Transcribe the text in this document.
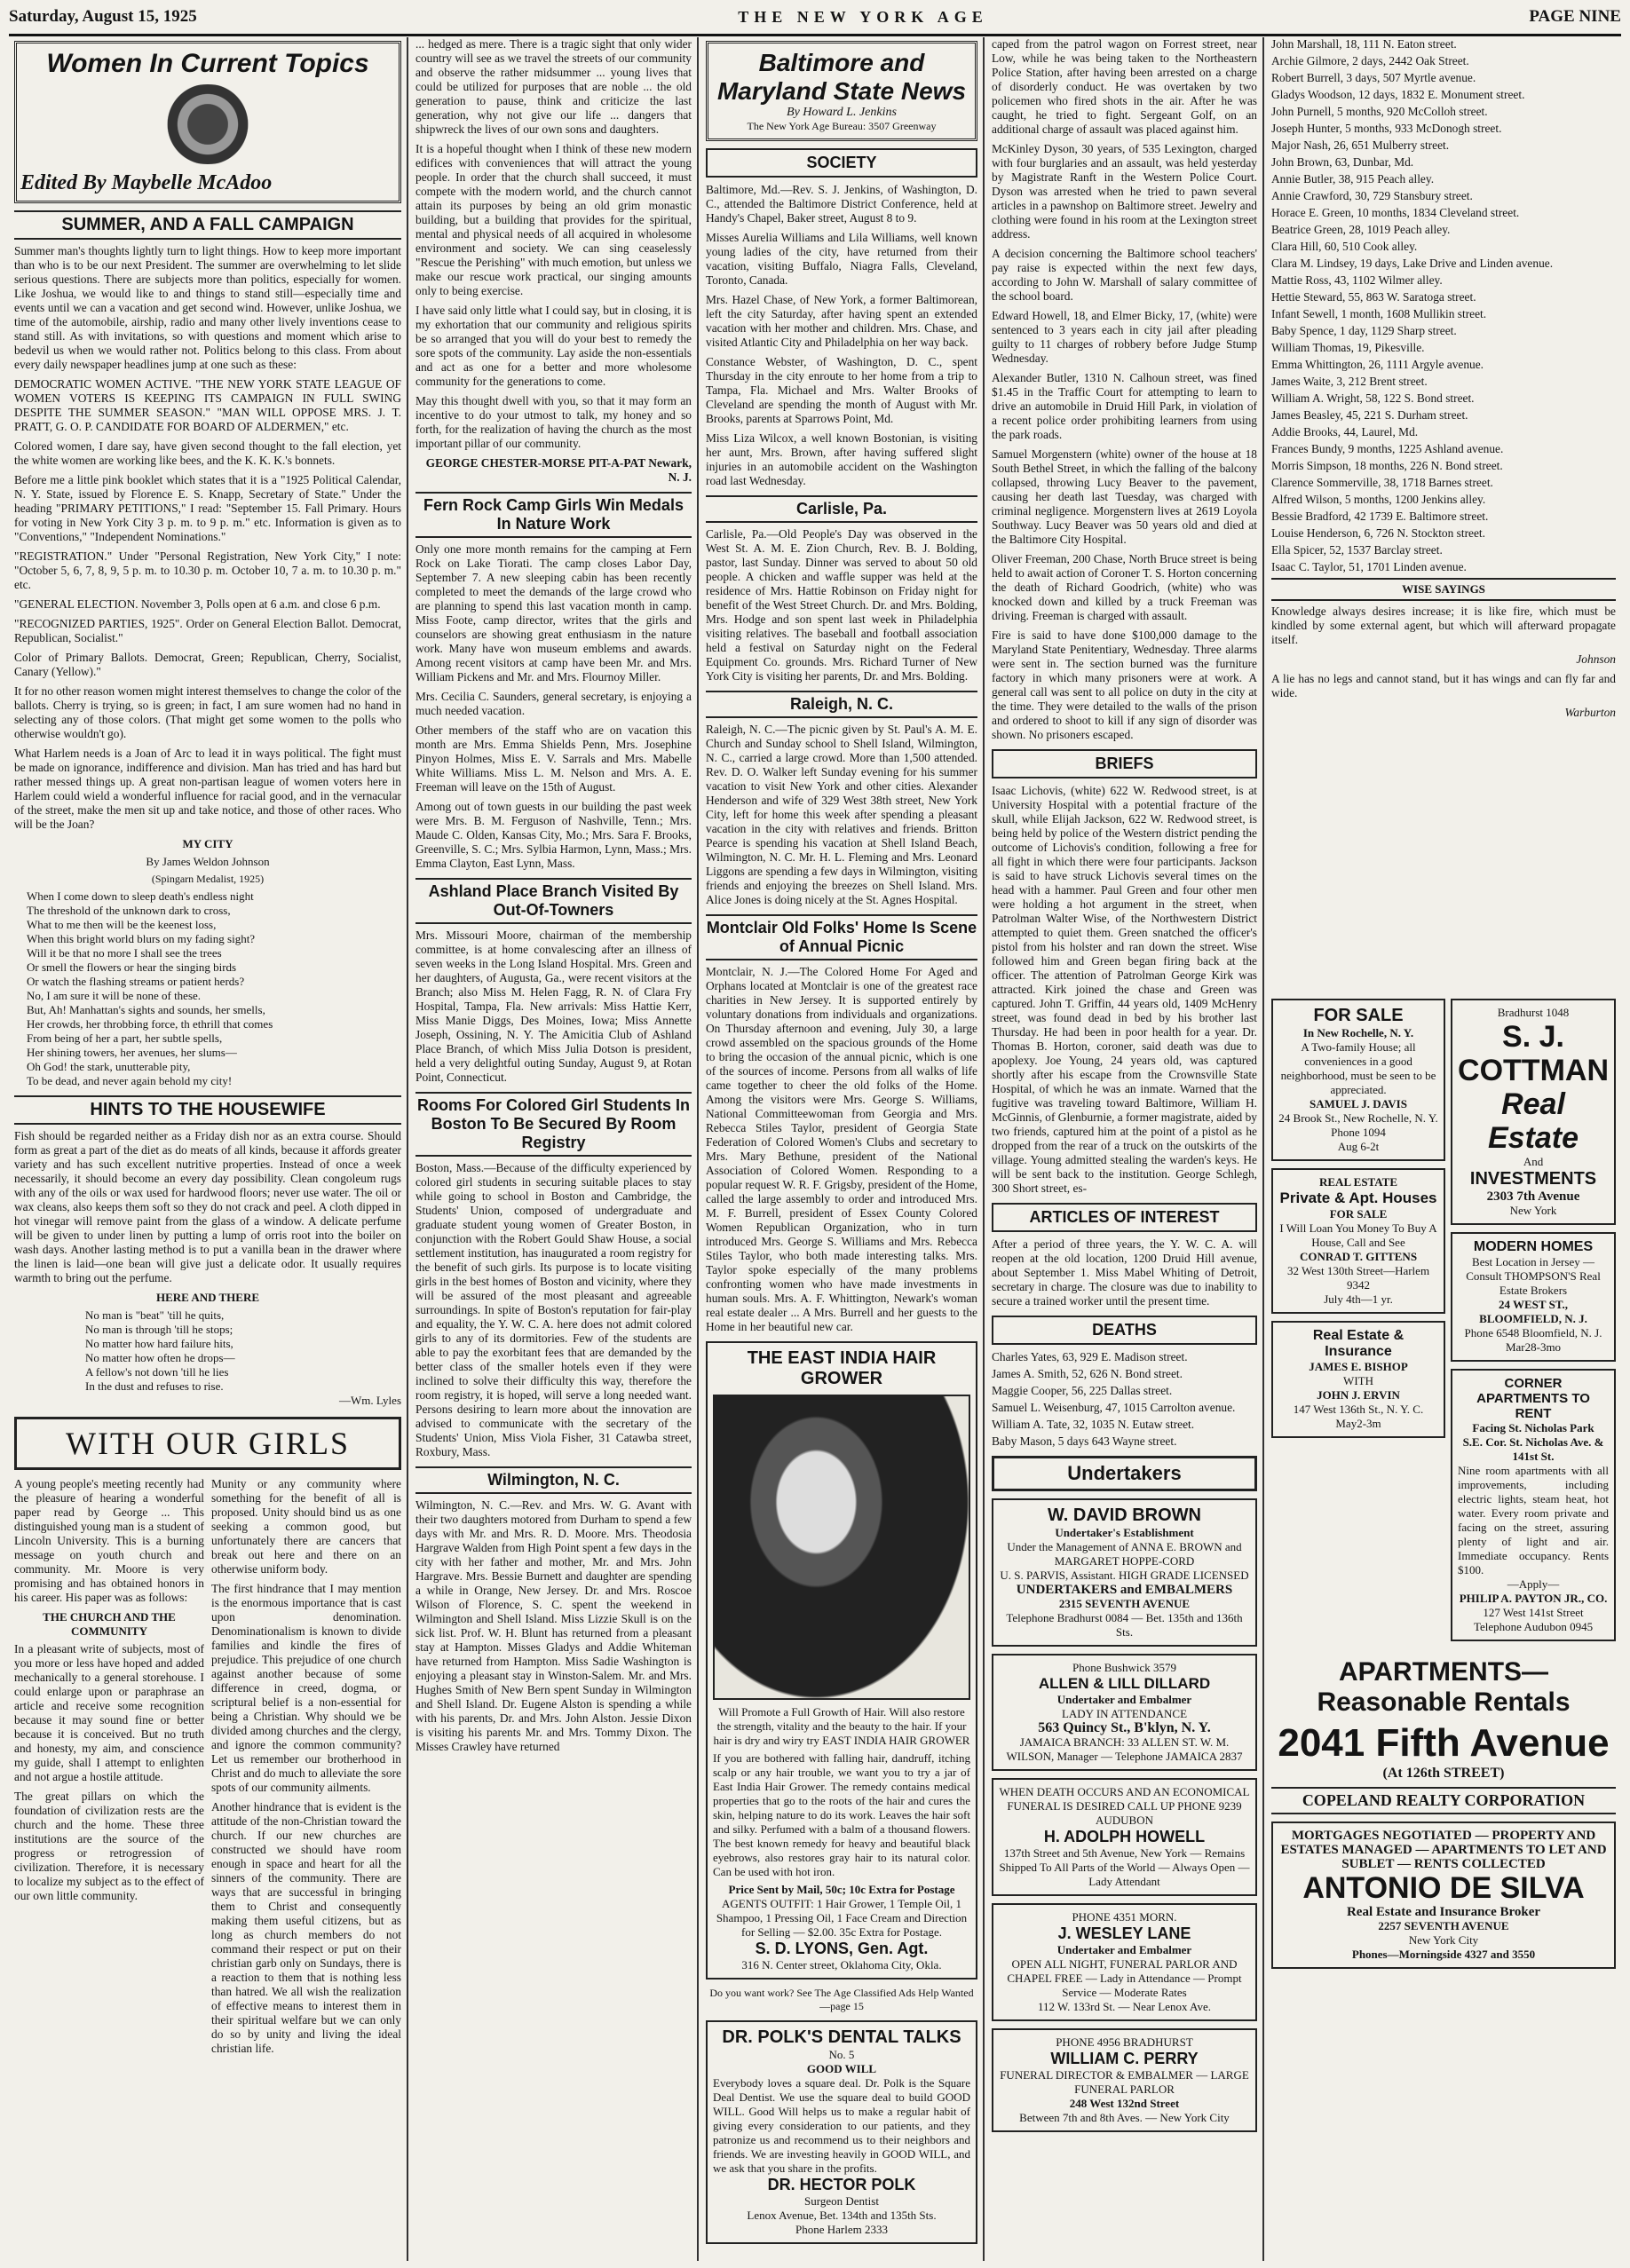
Saturday, August 15, 1925	THE NEW YORK AGE	PAGE NINE
Women In Current Topics
Edited By Maybelle McAdoo
SUMMER, AND A FALL CAMPAIGN

Summer man's thoughts lightly turn to light things. How to keep more important than who is to be our next President. The summer are overwhelming to let slide serious questions. There are subjects more than politics, especially for women. Like Joshua, we would like to and things to stand still—especially time and events until we can a vacation and get second wind. However, unlike Joshua, we time of the automobile, airship, radio and many other lively inventions cease to stand still. As with invitations, so with questions and moment which arise to bedevil us when we would rather not. Politics belong to this class. From about every daily newspaper headlines jump at one such as these:

DEMOCRATIC WOMEN ACTIVE. "THE NEW YORK STATE LEAGUE OF WOMEN VOTERS IS KEEPING ITS CAMPAIGN IN FULL SWING DESPITE THE SUMMER SEASON." "MAN WILL OPPOSE MRS. J. T. PRATT, G. O. P. CANDIDATE FOR BOARD OF ALDERMEN," etc.

Colored women, I dare say, have given second thought to the fall election, yet the white women are working like bees, and the K. K. K.'s bonnets.

Before me a little pink booklet which states that it is a "1925 Political Calendar, N. Y. State, issued by Florence E. S. Knapp, Secretary of State." Under the heading "PRIMARY PETITIONS," I read: "September 15. Fall Primary. Hours for voting in New York City 3 p. m. to 9 p. m." etc. Information is given as to "Conventions," "Independent Nominations."

"REGISTRATION." Under "Personal Registration, New York City," I note: "October 5, 6, 7, 8, 9, 5 p. m. to 10.30 p. m. October 10, 7 a. m. to 10.30 p. m." etc.

"GENERAL ELECTION. November 3, Polls open at 6 a.m. and close 6 p.m.

"RECOGNIZED PARTIES, 1925". Order on General Election Ballot. Democrat, Republican, Socialist."

Color of Primary Ballots. Democrat, Green; Republican, Cherry, Socialist, Canary (Yellow)."

It for no other reason women might interest themselves to change the color of the ballots. Cherry is trying, so is green; in fact, I am sure women had no hand in selecting any of those colors. (That might get some women to the polls who otherwise wouldn't go).

What Harlem needs is a Joan of Arc to lead it in ways political. The fight must be made on ignorance, indifference and division. Man has tried and has hard but rather messed things up. A great non-partisan league of women voters here in Harlem could wield a wonderful influence for racial good, and in the vernacular of the street, make the men sit up and take notice, and those of other races. Who will be the Joan?

MY CITY
By James Weldon Johnson
(Spingarn Medalist, 1925)
When I come down to sleep death's endless night
The threshold of the unknown dark to cross,
What to me then will be the keenest loss,
When this bright world blurs on my fading sight?
Will it be that no more I shall see the trees
Or smell the flowers or hear the singing birds
Or watch the flashing streams or patient herds?
No, I am sure it will be none of these.
But, Ah! Manhattan's sights and sounds, her smells,
Her crowds, her throbbing force, th ethrill that comes
From being of her a part, her subtle spells,
Her shining towers, her avenues, her slums—
Oh God! the stark, unutterable pity,
To be dead, and never again behold my city!
HINTS TO THE HOUSEWIFE

Fish should be regarded neither as a Friday dish nor as an extra course. Should form as great a part of the diet as do meats of all kinds, because it affords greater variety and has such excellent nutritive properties. Instead of once a week necessarily, it should become an every day possibility. Clean congoleum rugs with any of the oils or wax used for hardwood floors; never use water. The oil or wax cleans, also keeps them soft so they do not crack and peel. A cloth dipped in hot vinegar will remove paint from the glass of a window. A delicate perfume will be given to under linen by putting a lump of orris root into the boiler on wash days. Another lasting method is to put a vanilla bean in the drawer where the linen is laid—one bean will give just a delicate odor. It usually requires warmth to bring out the perfume.

HERE AND THERE
No man is "beat" 'till he quits,
No man is through 'till he stops;
No matter how hard failure hits,
No matter how often he drops—
A fellow's not down 'till he lies
In the dust and refuses to rise.
—Wm. Lyles
WITH OUR GIRLS

A young people's meeting recently had the pleasure of hearing a wonderful paper read by George ... This distinguished young man is a student of Lincoln University. This is a burning message on youth church and community. Mr. Moore is very promising and has obtained honors in his career. His paper was as follows:

THE CHURCH AND THE COMMUNITY

In a pleasant write of subjects, most of you more or less have hoped and added mechanically to a general storehouse. I could enlarge upon or paraphrase an article and receive some recognition because it may sound fine or better because it is conceived. But no truth and honesty, my aim, and conscience my guide, shall I attempt to enlighten and not argue a hostile attitude.

The great pillars on which the foundation of civilization rests are the church and the home. These three institutions are the source of the progress or retrogression of civilization. Therefore, it is necessary to localize my subject as to the effect of our own little community.

Munity or any community where something for the benefit of all is proposed. Unity should bind us as one seeking a common good, but unfortunately there are cancers that break out here and there on an otherwise uniform body.

The first hindrance that I may mention is the enormous importance that is cast upon denomination. Denominationalism is known to divide families and kindle the fires of prejudice. This prejudice of one church against another because of some difference in creed, dogma, or scriptural belief is a non-essential for being a Christian. Why should we be divided among churches and the clergy, and ignore the common community? Let us remember our brotherhood in Christ and do much to alleviate the sore spots of our community ailments.

Another hindrance that is evident is the attitude of the non-Christian toward the church. If our new churches are constructed we should have room enough in space and heart for all the sinners of the community. There are ways that are successful in bringing them to Christ and consequently making them useful citizens, but as long as church members do not command their respect or put on their christian garb only on Sundays, there is a reaction to them that is nothing less than hatred. We all wish the realization of effective means to interest them in their spiritual welfare but we can only do so by unity and living the ideal christian life.

... hedged as mere. There is a tragic sight that only wider country will see as we travel the streets of our community and observe the rather midsummer ... young lives that could be utilized for purposes that are noble ... the old generation to pause, think and criticize the last generation, why not give our life ... dangers that shipwreck the lives of our own sons and daughters.

It is a hopeful thought when I think of these new modern edifices with conveniences that will attract the young people. In order that the church shall succeed, it must compete with the modern world, and the church cannot attain its purposes by being an old grim monastic building, but a building that provides for the spiritual, mental and physical needs of all acquired in wholesome environment and society. We can sing ceaselessly "Rescue the Perishing" with much emotion, but unless we make our rescue work practical, our singing amounts only to being exercise.

I have said only little what I could say, but in closing, it is my exhortation that our community and religious spirits be so arranged that you will do your best to remedy the sore spots of the community. Lay aside the non-essentials and act as one for a better and more wholesome community for the generations to come.

May this thought dwell with you, so that it may form an incentive to do your utmost to talk, my honey and so forth, for the realization of having the church as the most important pillar of our community.

GEORGE CHESTER-MORSE PIT-A-PAT Newark, N. J.

Fern Rock Camp Girls Win Medals In Nature Work

Only one more month remains for the camping at Fern Rock on Lake Tiorati. The camp closes Labor Day, September 7. A new sleeping cabin has been recently completed to meet the demands of the large crowd who are planning to spend this last vacation month in camp. Miss Foote, camp director, writes that the girls and counselors are showing great enthusiasm in the nature work. Many have won museum emblems and awards. Among recent visitors at camp have been Mr. and Mrs. William Pickens and Mr. and Mrs. Flournoy Miller.

Mrs. Cecilia C. Saunders, general secretary, is enjoying a much needed vacation.

Other members of the staff who are on vacation this month are Mrs. Emma Shields Penn, Mrs. Josephine Pinyon Holmes, Miss E. V. Sarrals and Mrs. Mabelle White Williams. Miss L. M. Nelson and Mrs. A. E. Freeman will leave on the 15th of August.

Among out of town guests in our building the past week were Mrs. B. M. Ferguson of Nashville, Tenn.; Mrs. Maude C. Olden, Kansas City, Mo.; Mrs. Sara F. Brooks, Greenville, S. C.; Mrs. Sylbia Harmon, Lynn, Mass.; Mrs. Emma Clayton, East Lynn, Mass.

Ashland Place Branch Visited By Out-Of-Towners

Mrs. Missouri Moore, chairman of the membership committee, is at home convalescing after an illness of seven weeks in the Long Island Hospital. Mrs. Green and her daughters, of Augusta, Ga., were recent visitors at the Branch; also Miss M. Helen Fagg, R. N. of Clara Fry Hospital, Tampa, Fla. New arrivals: Miss Hattie Kerr, Miss Manie Diggs, Des Moines, Iowa; Miss Annette Joseph, Ossining, N. Y. The Amicitia Club of Ashland Place Branch, of which Miss Julia Dotson is president, held a very delightful outing Sunday, August 9, at Rotan Point, Connecticut.

Rooms For Colored Girl Students In Boston To Be Secured By Room Registry

Boston, Mass.—Because of the difficulty experienced by colored girl students in securing suitable places to stay while going to school in Boston and Cambridge, the Students' Union, composed of undergraduate and graduate student young women of Greater Boston, in conjunction with the Robert Gould Shaw House, a social settlement institution, has inaugurated a room registry for the benefit of such girls. Its purpose is to locate visiting girls in the best homes of Boston and vicinity, where they will be assured of the most pleasant and agreeable surroundings. In spite of Boston's reputation for fair-play and equality, the Y. W. C. A. here does not admit colored girls to any of its dormitories. Few of the students are able to pay the exorbitant fees that are demanded by the better class of the smaller hotels even if they were inclined to solve their difficulty this way, therefore the room registry, it is hoped, will serve a long needed want. Persons desiring to learn more about the innovation are advised to communicate with the secretary of the Students' Union, Miss Viola Fisher, 31 Catawba street, Roxbury, Mass.

Wilmington, N. C.

Wilmington, N. C.—Rev. and Mrs. W. G. Avant with their two daughters motored from Durham to spend a few days with Mr. and Mrs. R. D. Moore. Mrs. Theodosia Hargrave Walden from High Point spent a few days in the city with her father and mother, Mr. and Mrs. John Hargrave. Mrs. Bessie Burnett and daughter are spending a while in Orange, New Jersey. Dr. and Mrs. Roscoe Wilson of Florence, S. C. spent the weekend in Wilmington and Shell Island. Miss Lizzie Skull is on the sick list. Prof. W. H. Blunt has returned from a pleasant stay at Hampton. Misses Gladys and Addie Whiteman have returned from Hampton. Miss Sadie Washington is enjoying a pleasant stay in Winston-Salem. Mr. and Mrs. Hughes Smith of New Bern spent Sunday in Wilmington and Shell Island. Dr. Eugene Alston is spending a while with his parents, Dr. and Mrs. John Alston. Jessie Dixon is visiting his parents Mr. and Mrs. Tommy Dixon. The Misses Crawley have returned

Baltimore and Maryland State News
By Howard L. Jenkins
The New York Age Bureau: 3507 Greenway
SOCIETY

Baltimore, Md.—Rev. S. J. Jenkins, of Washington, D. C., attended the Baltimore District Conference, held at Handy's Chapel, Baker street, August 8 to 9.

Misses Aurelia Williams and Lila Williams, well known young ladies of the city, have returned from their vacation, visiting Buffalo, Niagra Falls, Cleveland, Toronto, Canada.

Mrs. Hazel Chase, of New York, a former Baltimorean, left the city Saturday, after having spent an extended vacation with her mother and children. Mrs. Chase, and visited Atlantic City and Philadelphia on her way back.

Constance Webster, of Washington, D. C., spent Thursday in the city enroute to her home from a trip to Tampa, Fla. Michael and Mrs. Walter Brooks of Cleveland are spending the month of August with Mr. Brooks, parents at Sparrows Point, Md.

Miss Liza Wilcox, a well known Bostonian, is visiting her aunt, Mrs. Brown, after having suffered slight injuries in an automobile accident on the Washington road last Wednesday.

Carlisle, Pa.

Carlisle, Pa.—Old People's Day was observed in the West St. A. M. E. Zion Church, Rev. B. J. Bolding, pastor, last Sunday. Dinner was served to about 50 old people. A chicken and waffle supper was held at the residence of Mrs. Hattie Robinson on Friday night for benefit of the West Street Church. Dr. and Mrs. Bolding, Mrs. Hodge and son spent last week in Philadelphia visiting relatives. The baseball and football association held a festival on Saturday night on the Federal Equipment Co. grounds. Mrs. Richard Turner of New York City is visiting her parents, Dr. and Mrs. Bolding.

Raleigh, N. C.

Raleigh, N. C.—The picnic given by St. Paul's A. M. E. Church and Sunday school to Shell Island, Wilmington, N. C., carried a large crowd. More than 1,500 attended. Rev. D. O. Walker left Sunday evening for his summer vacation to visit New York and other cities. Alexander Henderson and wife of 329 West 38th street, New York City, left for home this week after spending a pleasant vacation in the city with relatives and friends. Britton Pearce is spending his vacation at Shell Island Beach, Wilmington, N. C. Mr. H. L. Fleming and Mrs. Leonard Liggons are spending a few days in Wilmington, visiting friends and enjoying the breezes on Shell Island. Mrs. Alice Jones is doing nicely at the St. Agnes Hospital.

Montclair Old Folks' Home Is Scene of Annual Picnic

Montclair, N. J.—The Colored Home For Aged and Orphans located at Montclair is one of the greatest race charities in New Jersey. It is supported entirely by voluntary donations from individuals and organizations. On Thursday afternoon and evening, July 30, a large crowd assembled on the spacious grounds of the Home to bring the occasion of the annual picnic, which is one of the sources of income. Persons from all walks of life came together to cheer the old folks of the Home. Among the visitors were Mrs. George S. Williams, National Committeewoman from Georgia and Mrs. Rebecca Stiles Taylor, president of Georgia State Federation of Colored Women's Clubs and secretary to Mrs. Mary Bethune, president of the National Association of Colored Women. Responding to a popular request W. R. F. Grigsby, president of the Home, called the large assembly to order and introduced Mrs. M. F. Burrell, president of Essex County Colored Women Republican Organization, who in turn introduced Mrs. George S. Williams and Mrs. Rebecca Stiles Taylor, who both made interesting talks. Mrs. Taylor spoke especially of the many problems confronting women who have made investments in human souls. Mrs. A. F. Whittington, Newark's woman real estate dealer ... A Mrs. Burrell and her guests to the Home in her beautiful new car.

THE EAST INDIA HAIR GROWER
Will Promote a Full Growth of Hair. Will also restore the strength, vitality and the beauty to the hair. If your hair is dry and wiry try EAST INDIA HAIR GROWER
If you are bothered with falling hair, dandruff, itching scalp or any hair trouble, we want you to try a jar of East India Hair Grower. The remedy contains medical properties that go to the roots of the hair and cures the skin, helping nature to do its work. Leaves the hair soft and silky. Perfumed with a balm of a thousand flowers. The best known remedy for heavy and beautiful black eyebrows, also restores gray hair to its natural color. Can be used with hot iron.
Price Sent by Mail, 50c; 10c Extra for Postage
AGENTS OUTFIT: 1 Hair Grower, 1 Temple Oil, 1 Shampoo, 1 Pressing Oil, 1 Face Cream and Direction for Selling — $2.00. 35c Extra for Postage.
S. D. LYONS, Gen. Agt.
316 N. Center street, Oklahoma City, Okla.
Do you want work? See The Age Classified Ads Help Wanted—page 15
DR. POLK'S DENTAL TALKS
No. 5
GOOD WILL
Everybody loves a square deal. Dr. Polk is the Square Deal Dentist. We use the square deal to build GOOD WILL. Good Will helps us to make a regular habit of giving every consideration to our patients, and they patronize us and recommend us to their neighbors and friends. We are investing heavily in GOOD WILL, and we ask that you share in the profits.
DR. HECTOR POLK
Surgeon Dentist
Lenox Avenue, Bet. 134th and 135th Sts.
Phone Harlem 2333

caped from the patrol wagon on Forrest street, near Low, while he was being taken to the Northeastern Police Station, after having been arrested on a charge of disorderly conduct. He was overtaken by two policemen who fired shots in the air. After he was caught, he tried to fight. Sergeant Golf, on an additional charge of assault was placed against him.

McKinley Dyson, 30 years, of 535 Lexington, charged with four burglaries and an assault, was held yesterday by Magistrate Ranft in the Western Police Court. Dyson was arrested when he tried to pawn several articles in a pawnshop on Baltimore street. Jewelry and clothing were found in his room at the Lexington street address.

A decision concerning the Baltimore school teachers' pay raise is expected within the next few days, according to John W. Marshall of salary committee of the school board.

Edward Howell, 18, and Elmer Bicky, 17, (white) were sentenced to 3 years each in city jail after pleading guilty to 11 charges of robbery before Judge Stump Wednesday.

Alexander Butler, 1310 N. Calhoun street, was fined $1.45 in the Traffic Court for attempting to learn to drive an automobile in Druid Hill Park, in violation of a recent police order prohibiting learners from using the park roads.

Samuel Morgenstern (white) owner of the house at 18 South Bethel Street, in which the falling of the balcony collapsed, throwing Lucy Beaver to the pavement, causing her death last Tuesday, was charged with criminal negligence. Morgenstern lives at 2619 Loyola Southway. Lucy Beaver was 50 years old and died at the Baltimore City Hospital.

Oliver Freeman, 200 Chase, North Bruce street is being held to await action of Coroner T. S. Horton concerning the death of Richard Goodrich, (white) who was knocked down and killed by a truck Freeman was driving. Freeman is charged with assault.

Fire is said to have done $100,000 damage to the Maryland State Penitentiary, Wednesday. Three alarms were sent in. The section burned was the furniture factory in which many prisoners were at work. A general call was sent to all police on duty in the city at the time. They were detailed to the walls of the prison and ordered to shoot to kill if any sign of disorder was shown. No prisoners escaped.

BRIEFS

Isaac Lichovis, (white) 622 W. Redwood street, is at University Hospital with a potential fracture of the skull, while Elijah Jackson, 622 W. Redwood street, is being held by police of the Western district pending the outcome of Lichovis's condition, following a free for all fight in which there were four participants. Jackson is said to have struck Lichovis several times on the head with a hammer. Paul Green and four other men were holding a hot argument in the street, when Patrolman Walter Wise, of the Northwestern District attempted to quiet them. Green snatched the officer's pistol from his holster and ran down the street. Wise followed him and Green began firing back at the officer. The attention of Patrolman George Kirk was attracted. Kirk joined the chase and Green was captured. John T. Griffin, 44 years old, 1409 McHenry street, was found dead in bed by his brother last Thursday. He had been in poor health for a year. Dr. Thomas B. Horton, coroner, said death was due to apoplexy. Joe Young, 24 years old, was captured shortly after his escape from the Crownsville State Hospital, of which he was an inmate. Warned that the fugitive was traveling toward Baltimore, William H. McGinnis, of Glenburnie, a former magistrate, aided by two friends, captured him at the point of a pistol as he dropped from the rear of a truck on the outskirts of the village. Young admitted stealing the warden's keys. He will be sent back to the institution. George Schlegh, 300 Short street, es-

ARTICLES OF INTEREST

After a period of three years, the Y. W. C. A. will reopen at the old location, 1200 Druid Hill avenue, about September 1. Miss Mabel Whiting of Detroit, secretary in charge. The closure was due to inability to secure a trained worker until the present time.

DEATHS

Charles Yates, 63, 929 E. Madison street.

James A. Smith, 52, 626 N. Bond street.

Maggie Cooper, 56, 225 Dallas street.

Samuel L. Weisenburg, 47, 1015 Carrolton avenue.

William A. Tate, 32, 1035 N. Eutaw street.

Baby Mason, 5 days 643 Wayne street.

Undertakers
W. DAVID BROWN
Undertaker's Establishment
Under the Management of ANNA E. BROWN and MARGARET HOPPE-CORD
U. S. PARVIS, Assistant. HIGH GRADE LICENSED
UNDERTAKERS and EMBALMERS
2315 SEVENTH AVENUE
Telephone Bradhurst 0084 — Bet. 135th and 136th Sts.
Phone Bushwick 3579
ALLEN & LILL DILLARD
Undertaker and Embalmer
LADY IN ATTENDANCE
563 Quincy St., B'klyn, N. Y.
JAMAICA BRANCH: 33 ALLEN ST. W. M. WILSON, Manager — Telephone JAMAICA 2837
WHEN DEATH OCCURS AND AN ECONOMICAL FUNERAL IS DESIRED CALL UP PHONE 9239 AUDUBON
H. ADOLPH HOWELL
137th Street and 5th Avenue, New York — Remains Shipped To All Parts of the World — Always Open — Lady Attendant
PHONE 4351 MORN.
J. WESLEY LANE
Undertaker and Embalmer
OPEN ALL NIGHT, FUNERAL PARLOR AND CHAPEL FREE — Lady in Attendance — Prompt Service — Moderate Rates
112 W. 133rd St. — Near Lenox Ave.
PHONE 4956 BRADHURST
WILLIAM C. PERRY
FUNERAL DIRECTOR & EMBALMER — LARGE FUNERAL PARLOR
248 West 132nd Street
Between 7th and 8th Aves. — New York City

John Marshall, 18, 111 N. Eaton street.

Archie Gilmore, 2 days, 2442 Oak Street.

Robert Burrell, 3 days, 507 Myrtle avenue.

Gladys Woodson, 12 days, 1832 E. Monument street.

John Purnell, 5 months, 920 McColloh street.

Joseph Hunter, 5 months, 933 McDonogh street.

Major Nash, 26, 651 Mulberry street.

John Brown, 63, Dunbar, Md.

Annie Butler, 38, 915 Peach alley.

Annie Crawford, 30, 729 Stansbury street.

Horace E. Green, 10 months, 1834 Cleveland street.

Beatrice Green, 28, 1019 Peach alley.

Clara Hill, 60, 510 Cook alley.

Clara M. Lindsey, 19 days, Lake Drive and Linden avenue.

Mattie Ross, 43, 1102 Wilmer alley.

Hettie Steward, 55, 863 W. Saratoga street.

Infant Sewell, 1 month, 1608 Mullikin street.

Baby Spence, 1 day, 1129 Sharp street.

William Thomas, 19, Pikesville.

Emma Whittington, 26, 1111 Argyle avenue.

James Waite, 3, 212 Brent street.

William A. Wright, 58, 122 S. Bond street.

James Beasley, 45, 221 S. Durham street.

Addie Brooks, 44, Laurel, Md.

Frances Bundy, 9 months, 1225 Ashland avenue.

Morris Simpson, 18 months, 226 N. Bond street.

Clarence Sommerville, 38, 1718 Barnes street.

Alfred Wilson, 5 months, 1200 Jenkins alley.

Bessie Bradford, 42 1739 E. Baltimore street.

Louise Henderson, 6, 726 N. Stockton street.

Ella Spicer, 52, 1537 Barclay street.

Isaac C. Taylor, 51, 1701 Linden avenue.

WISE SAYINGS

Knowledge always desires increase; it is like fire, which must be kindled by some external agent, but which will afterward propagate itself.

Johnson

A lie has no legs and cannot stand, but it has wings and can fly far and wide.

Warburton

FOR SALE
In New Rochelle, N. Y.
A Two-family House; all conveniences in a good neighborhood, must be seen to be appreciated.
SAMUEL J. DAVIS
24 Brook St., New Rochelle, N. Y.
Phone 1094
Aug 6-2t
REAL ESTATE
Private & Apt. Houses
FOR SALE
I Will Loan You Money To Buy A House, Call and See
CONRAD T. GITTENS
32 West 130th Street—Harlem 9342
July 4th—1 yr.
Real Estate & Insurance
JAMES E. BISHOP
WITH
JOHN J. ERVIN
147 West 136th St., N. Y. C.
May2-3m
Bradhurst 1048
S. J. COTTMAN
Real Estate
And
INVESTMENTS
2303 7th Avenue
New York
MODERN HOMES
Best Location in Jersey — Consult THOMPSON'S Real Estate Brokers
24 WEST ST., BLOOMFIELD, N. J.
Phone 6548 Bloomfield, N. J.
Mar28-3mo
CORNER APARTMENTS TO RENT
Facing St. Nicholas Park
S.E. Cor. St. Nicholas Ave. & 141st St.
Nine room apartments with all improvements, including electric lights, steam heat, hot water. Every room private and facing on the street, assuring plenty of light and air. Immediate occupancy. Rents $100.
—Apply—
PHILIP A. PAYTON JR., CO.
127 West 141st Street
Telephone Audubon 0945
APARTMENTS—Reasonable Rentals
2041 Fifth Avenue
(At 126th STREET)
COPELAND REALTY CORPORATION
MORTGAGES NEGOTIATED — PROPERTY AND ESTATES MANAGED — APARTMENTS TO LET AND SUBLET — RENTS COLLECTED
ANTONIO DE SILVA
Real Estate and Insurance Broker
2257 SEVENTH AVENUE
New York City
Phones—Morningside 4327 and 3550
